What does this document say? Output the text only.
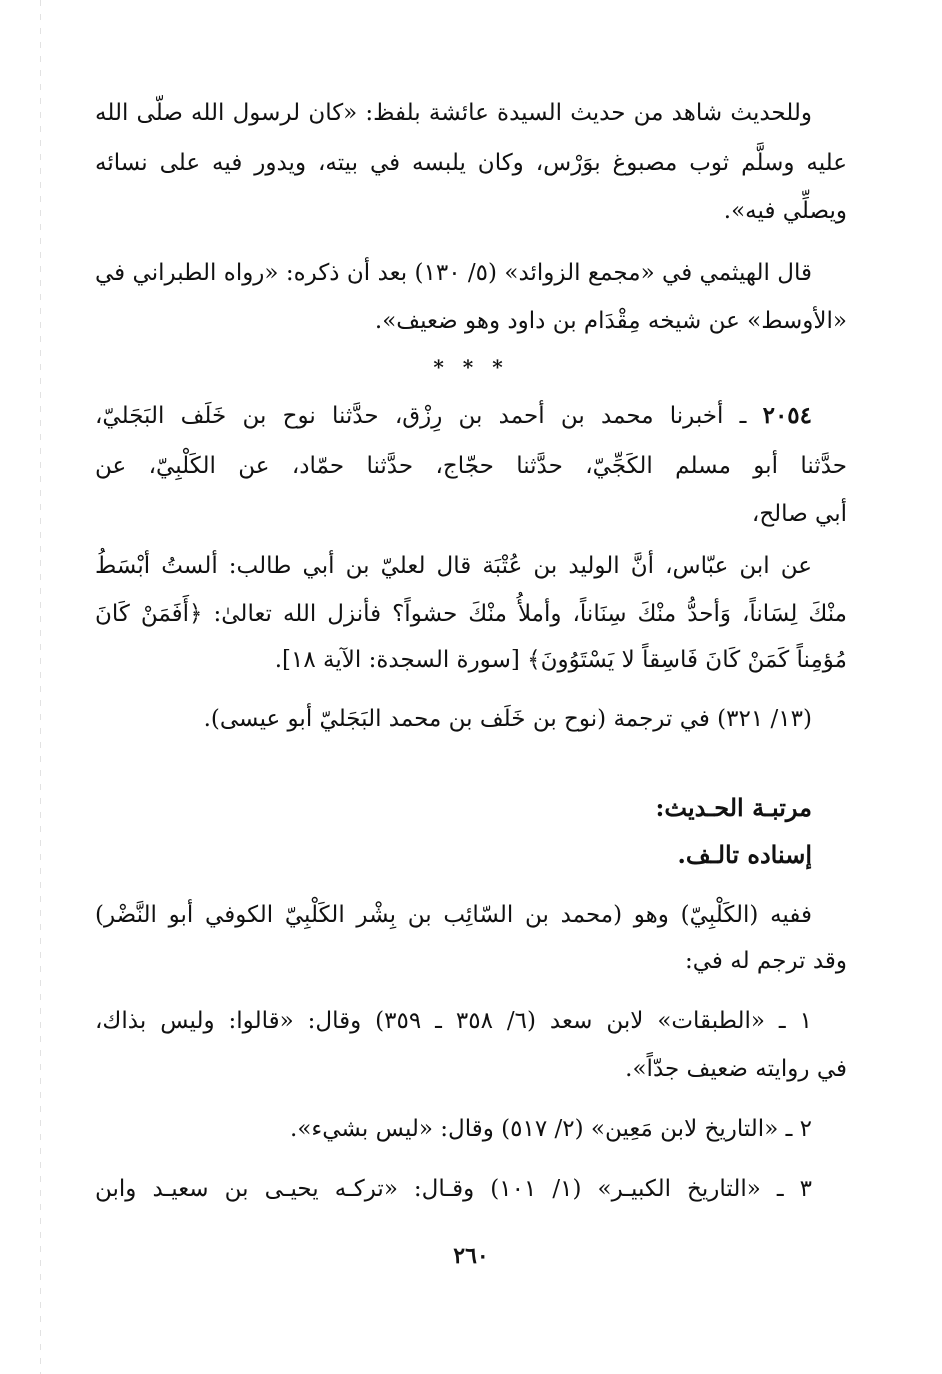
وللحديث شاهد من حديث السيدة عائشة بلفظ: «كان لرسول الله صلّى الله
عليه وسلَّم ثوب مصبوغ بوَرْس، وكان يلبسه في بيته، ويدور فيه على نسائه
ويصلِّي فيه».
قال الهيثمي في «مجمع الزوائد» (٥/ ١٣٠) بعد أن ذكره: «رواه الطبراني في
«الأوسط» عن شيخه مِقْدَام بن داود وهو ضعيف».
* * *
٢٠٥٤ ـ أخبرنا محمد بن أحمد بن رِزْق، حدَّثنا نوح بن خَلَف البَجَليّ،
حدَّثنا أبو مسلم الكَجِّيّ، حدَّثنا حجّاج، حدَّثنا حمّاد، عن الكَلْبِيّ، عن
أبي صالح،
عن ابن عبّاس، أنَّ الوليد بن عُتْبَة قال لعليّ بن أبي طالب: ألستُ أبْسَطُ
منْكَ لِسَاناً، وَأحدُّ منْكَ سِنَاناً، وأملأُ منْكَ حشواً؟ فأنزل الله تعالىٰ: ﴿أَفَمَنْ كَانَ
مُؤمِناً كَمَنْ كَانَ فَاسِقاً لا يَسْتَوُونَ﴾ [سورة السجدة: الآية ١٨].
(١٣/ ٣٢١) في ترجمة (نوح بن خَلَف بن محمد البَجَليّ أبو عيسى).
مرتبـة الحـديث:
إسناده تالـف.
ففيه (الكَلْبِيّ) وهو (محمد بن السّائِب بن بِشْر الكَلْبِيّ الكوفي أبو النَّضْر)
وقد ترجم له في:
١ ـ «الطبقات» لابن سعد (٦/ ٣٥٨ ـ ٣٥٩) وقال: «قالوا: وليس بذاك،
في روايته ضعيف جدّاً».
٢ ـ «التاريخ لابن مَعِين» (٢/ ٥١٧) وقال: «ليس بشيء».
٣ ـ «التاريخ الكبيـر» (١/ ١٠١) وقـال: «تركـه يحيـى بن سعيـد وابن
٢٦٠
